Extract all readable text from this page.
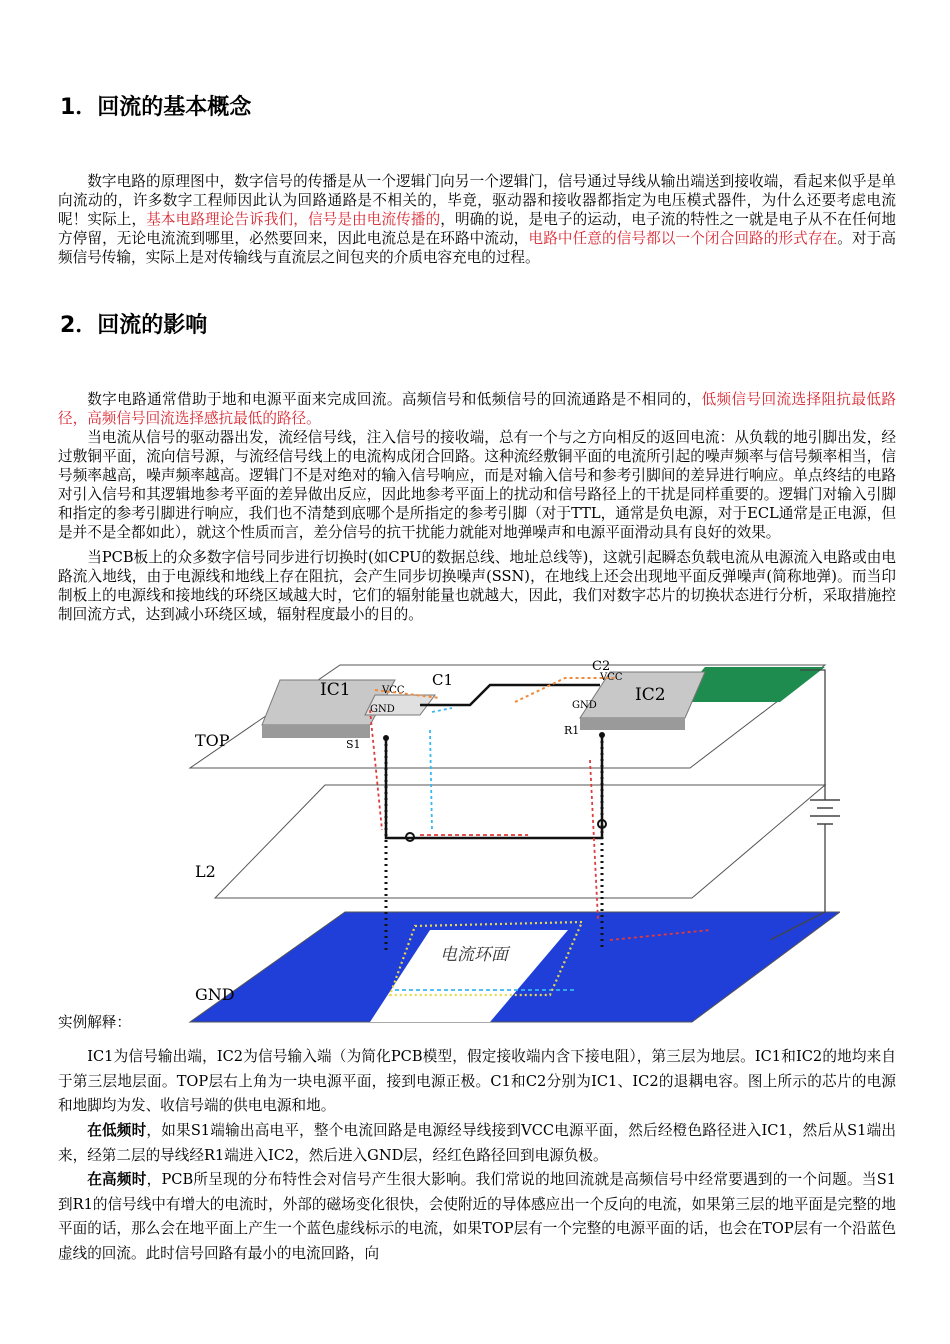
1．回流的基本概念

数字电路的原理图中，数字信号的传播是从一个逻辑门向另一个逻辑门，信号通过导线从输出端送到接收端，看起来似乎是单向流动的，许多数字工程师因此认为回路通路是不相关的，毕竟，驱动器和接收器都指定为电压模式器件，为什么还要考虑电流呢！实际上，基本电路理论告诉我们，信号是由电流传播的，明确的说，是电子的运动，电子流的特性之一就是电子从不在任何地方停留，无论电流流到哪里，必然要回来，因此电流总是在环路中流动，电路中任意的信号都以一个闭合回路的形式存在。对于高频信号传输，实际上是对传输线与直流层之间包夹的介质电容充电的过程。

2．回流的影响

数字电路通常借助于地和电源平面来完成回流。高频信号和低频信号的回流通路是不相同的，低频信号回流选择阻抗最低路径，高频信号回流选择感抗最低的路径。

当电流从信号的驱动器出发，流经信号线，注入信号的接收端，总有一个与之方向相反的返回电流：从负载的地引脚出发，经过敷铜平面，流向信号源，与流经信号线上的电流构成闭合回路。这种流经敷铜平面的电流所引起的噪声频率与信号频率相当，信号频率越高，噪声频率越高。逻辑门不是对绝对的输入信号响应，而是对输入信号和参考引脚间的差异进行响应。单点终结的电路对引入信号和其逻辑地参考平面的差异做出反应，因此地参考平面上的扰动和信号路径上的干扰是同样重要的。逻辑门对输入引脚和指定的参考引脚进行响应，我们也不清楚到底哪个是所指定的参考引脚（对于TTL，通常是负电源，对于ECL通常是正电源，但是并不是全都如此），就这个性质而言，差分信号的抗干扰能力就能对地弹噪声和电源平面滑动具有良好的效果。

当PCB板上的众多数字信号同步进行切换时(如CPU的数据总线、地址总线等)，这就引起瞬态负载电流从电源流入电路或由电路流入地线，由于电源线和地线上存在阻抗，会产生同步切换噪声(SSN)，在地线上还会出现地平面反弹噪声(简称地弹)。而当印制板上的电源线和接地线的环绕区域越大时，它们的辐射能量也就越大，因此，我们对数字芯片的切换状态进行分析，采取措施控制回流方式，达到减小环绕区域，辐射程度最小的目的。

IC1	C1
VCC
GND
S1
IC2
C2
VCC
GND
R1
电流环面
TOP
L2
GND
实例解释：

IC1为信号输出端，IC2为信号输入端（为简化PCB模型，假定接收端内含下接电阻），第三层为地层。IC1和IC2的地均来自于第三层地层面。TOP层右上角为一块电源平面，接到电源正极。C1和C2分别为IC1、IC2的退耦电容。图上所示的芯片的电源和地脚均为发、收信号端的供电电源和地。

在低频时，如果S1端输出高电平，整个电流回路是电源经导线接到VCC电源平面，然后经橙色路径进入IC1，然后从S1端出来，经第二层的导线经R1端进入IC2，然后进入GND层，经红色路径回到电源负极。

在高频时，PCB所呈现的分布特性会对信号产生很大影响。我们常说的地回流就是高频信号中经常要遇到的一个问题。当S1到R1的信号线中有增大的电流时，外部的磁场变化很快，会使附近的导体感应出一个反向的电流，如果第三层的地平面是完整的地平面的话，那么会在地平面上产生一个蓝色虚线标示的电流，如果TOP层有一个完整的电源平面的话，也会在TOP层有一个沿蓝色虚线的回流。此时信号回路有最小的电流回路，向
